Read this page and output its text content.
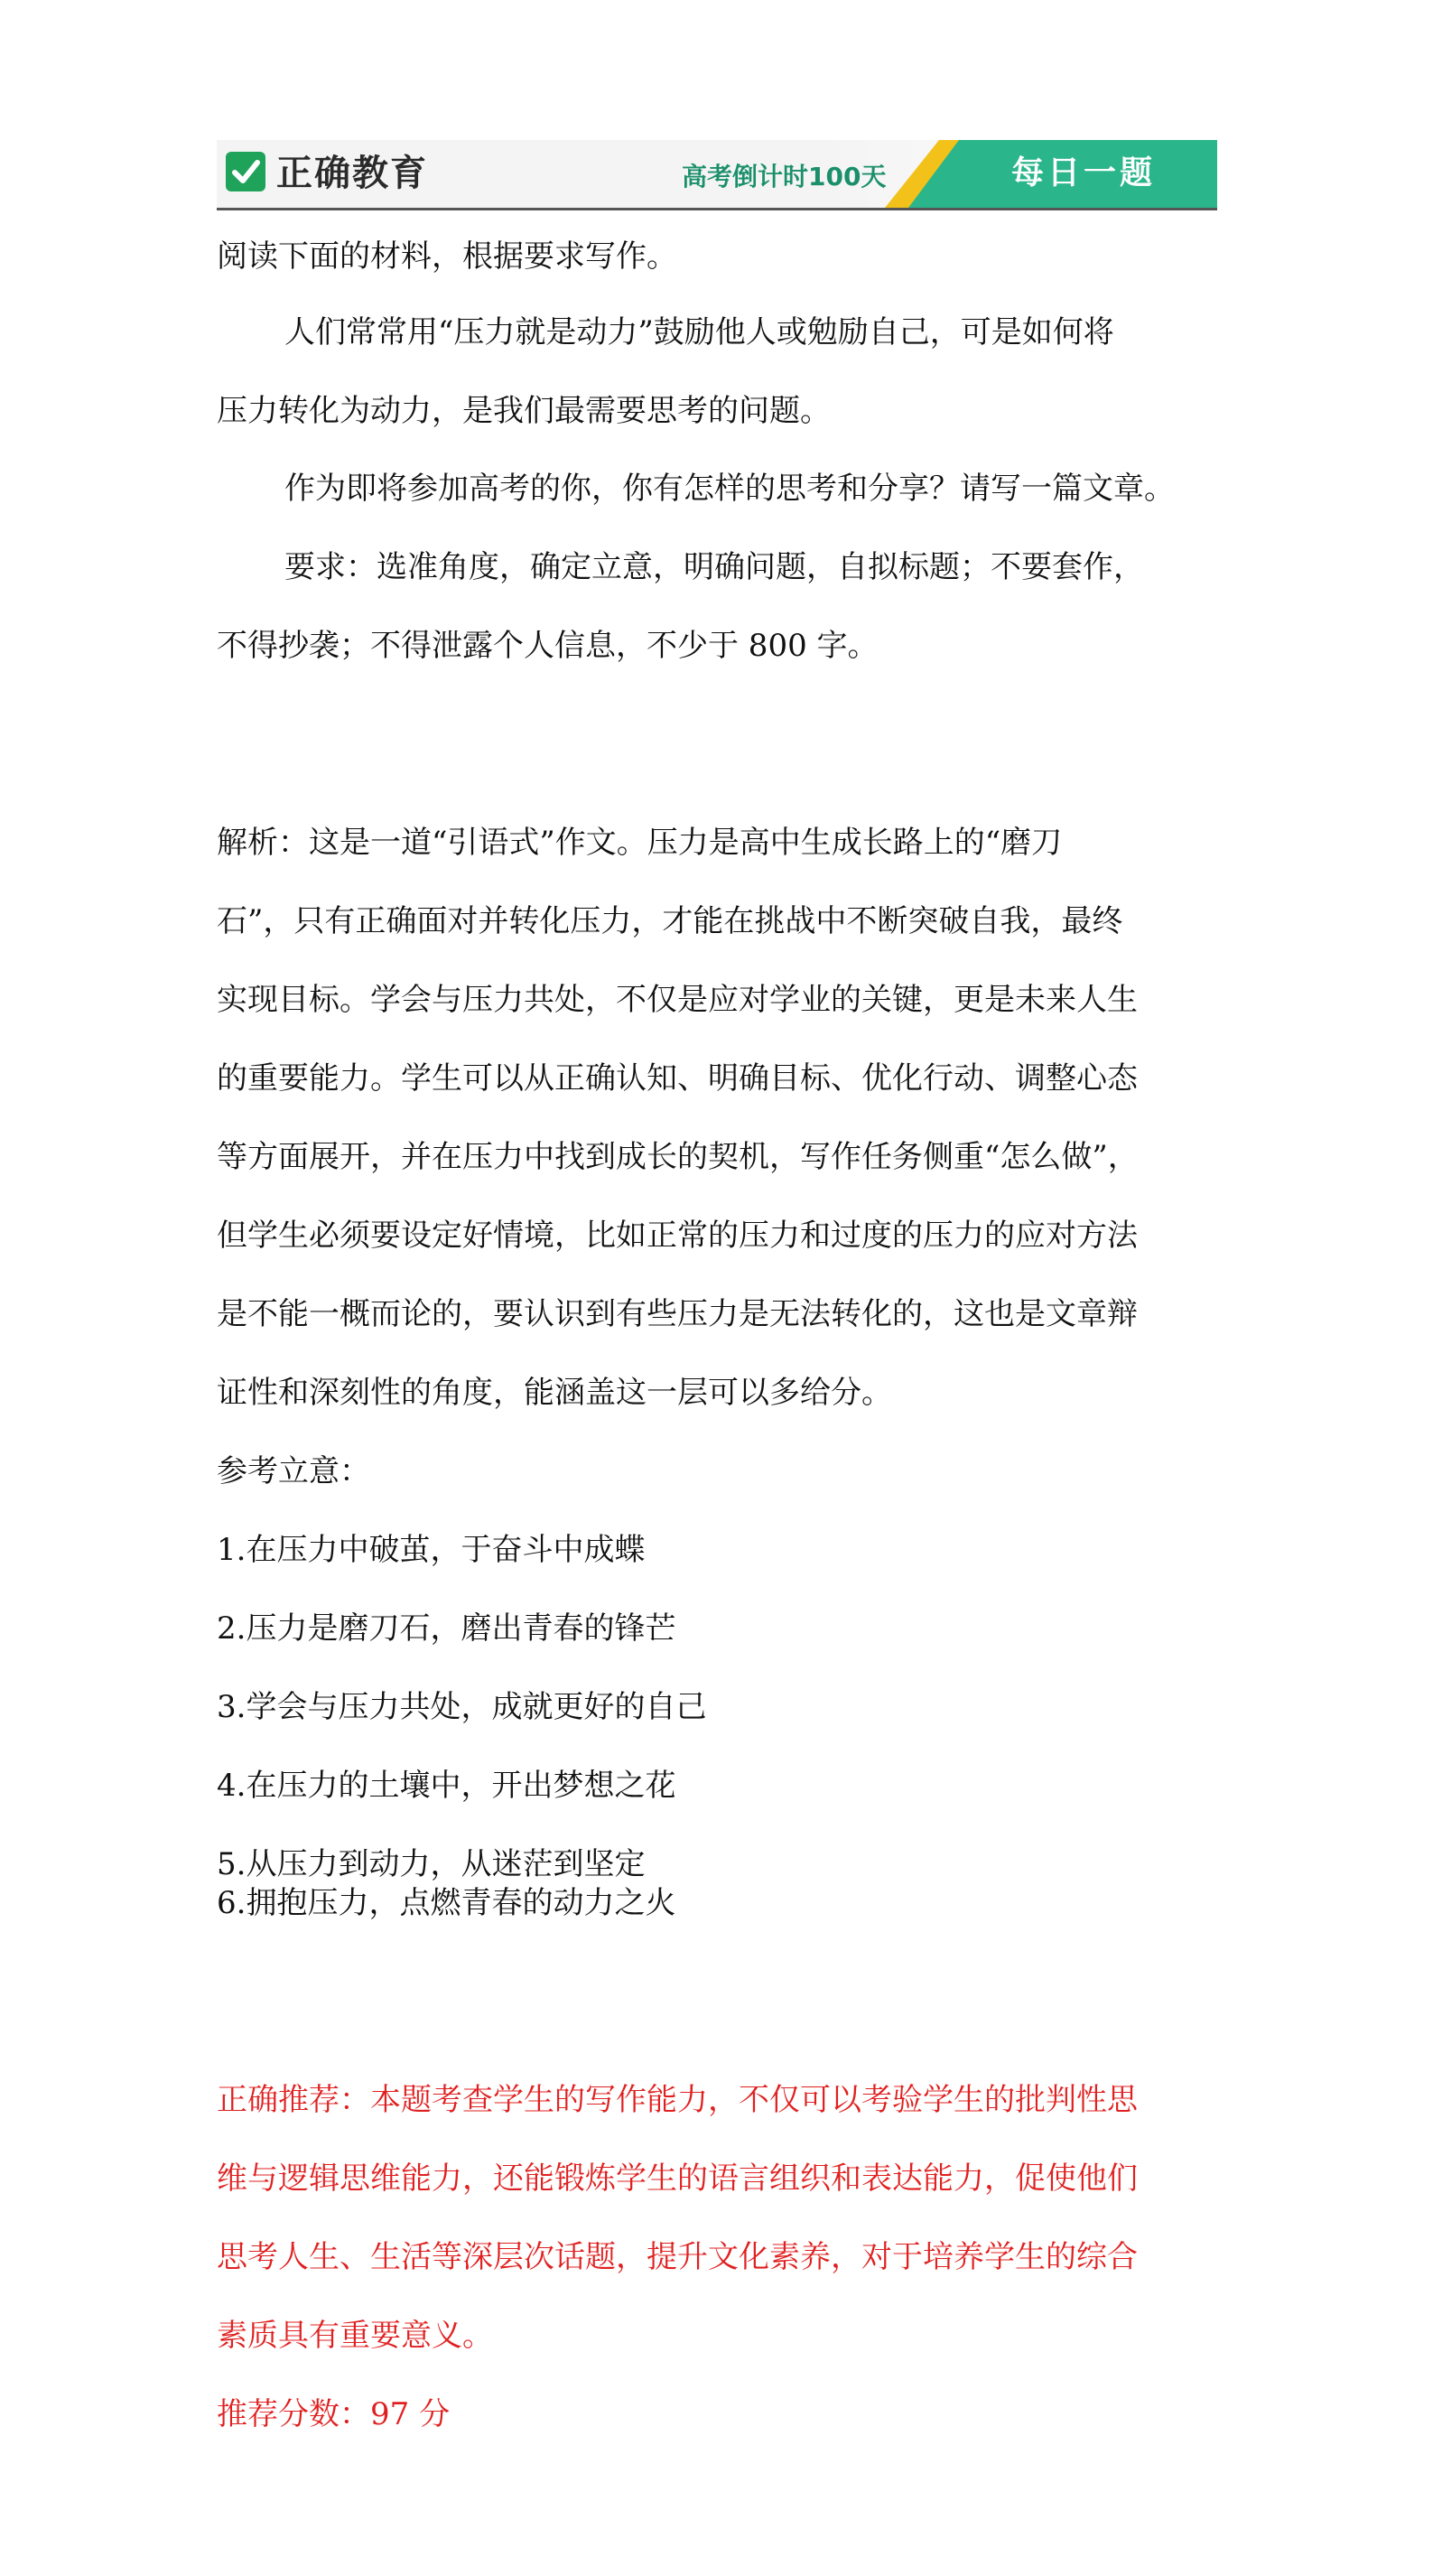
正确教育	高考倒计时100天	每日一题

阅读下面的材料，根据要求写作。

人们常常用“压力就是动力”鼓励他人或勉励自己，可是如何将

压力转化为动力，是我们最需要思考的问题。

作为即将参加高考的你，你有怎样的思考和分享？请写一篇文章。

要求：选准角度，确定立意，明确问题，自拟标题；不要套作，

不得抄袭；不得泄露个人信息，不少于 800 字。

解析：这是一道“引语式”作文。压力是高中生成长路上的“磨刀

石”，只有正确面对并转化压力，才能在挑战中不断突破自我，最终

实现目标。学会与压力共处，不仅是应对学业的关键，更是未来人生

的重要能力。学生可以从正确认知、明确目标、优化行动、调整心态

等方面展开，并在压力中找到成长的契机，写作任务侧重“怎么做”，

但学生必须要设定好情境，比如正常的压力和过度的压力的应对方法

是不能一概而论的，要认识到有些压力是无法转化的，这也是文章辩

证性和深刻性的角度，能涵盖这一层可以多给分。

参考立意：

1.在压力中破茧，于奋斗中成蝶

2.压力是磨刀石，磨出青春的锋芒

3.学会与压力共处，成就更好的自己

4.在压力的土壤中，开出梦想之花

5.从压力到动力，从迷茫到坚定

6.拥抱压力，点燃青春的动力之火

正确推荐：本题考查学生的写作能力，不仅可以考验学生的批判性思

维与逻辑思维能力，还能锻炼学生的语言组织和表达能力，促使他们

思考人生、生活等深层次话题，提升文化素养，对于培养学生的综合

素质具有重要意义。

推荐分数：97 分
